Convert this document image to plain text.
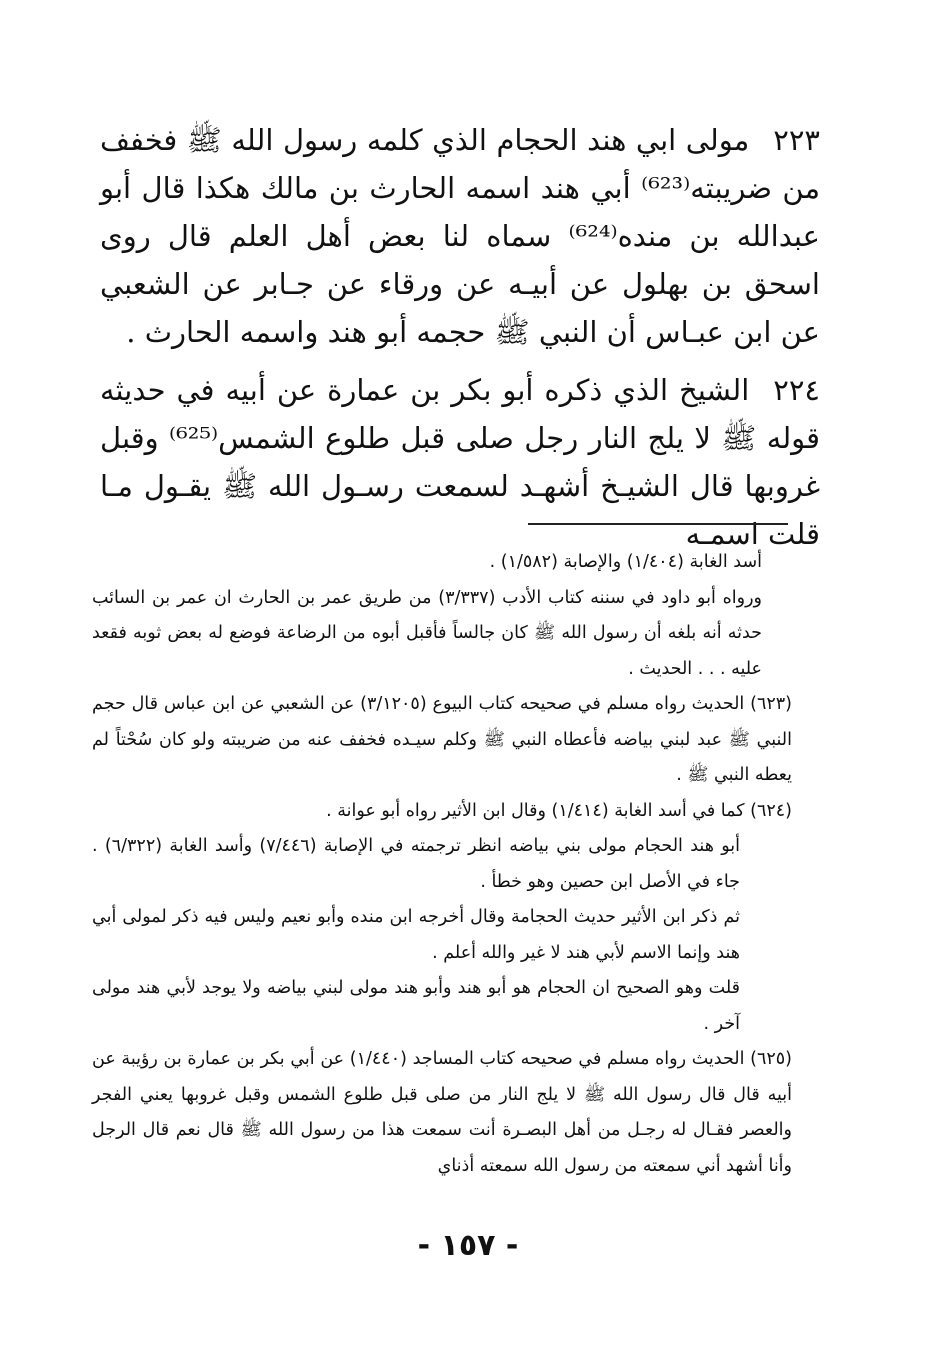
٢٢٣مولى ابي هند الحجام الذي كلمه رسول الله ﷺ فخفف من ضريبته⁽⁶²³⁾ أبي هند اسمه الحارث بن مالك هكذا قال أبو عبدالله بن منده⁽⁶²⁴⁾ سماه لنا بعض أهل العلم قال روى اسحق بن بهلول عن أبيـه عن ورقاء عن جـابر عن الشعبي عن ابن عبـاس أن النبي ﷺ حجمه أبو هند واسمه الحارث .

٢٢٤الشيخ الذي ذكره أبو بكر بن عمارة عن أبيه في حديثه قوله ﷺ لا يلج النار رجل صلى قبل طلوع الشمس⁽⁶²⁵⁾ وقبل غروبها قال الشيـخ أشهـد لسمعت رسـول الله ﷺ يقـول مـا قلت اسمـه

أسد الغابة (١/٤٠٤) والإصابة (١/٥٨٢) .

ورواه أبو داود في سننه كتاب الأدب (٣/٣٣٧) من طريق عمر بن الحارث ان عمر بن السائب حدثه أنه بلغه أن رسول الله ﷺ كان جالساً فأقبل أبوه من الرضاعة فوضع له بعض ثوبه فقعد عليه . . . الحديث .

(٦٢٣) الحديث رواه مسلم في صحيحه كتاب البيوع (٣/١٢٠٥) عن الشعبي عن ابن عباس قال حجم النبي ﷺ عبد لبني بياضه فأعطاه النبي ﷺ وكلم سيـده فخفف عنه من ضريبته ولو كان سُحْتاً لم يعطه النبي ﷺ .

(٦٢٤) كما في أسد الغابة (١/٤١٤) وقال ابن الأثير رواه أبو عوانة .

أبو هند الحجام مولى بني بياضه انظر ترجمته في الإصابة (٧/٤٤٦) وأسد الغابة (٦/٣٢٢) . جاء في الأصل ابن حصين وهو خطأ .

ثم ذكر ابن الأثير حديث الحجامة وقال أخرجه ابن منده وأبو نعيم وليس فيه ذكر لمولى أبي هند وإنما الاسم لأبي هند لا غير والله أعلم .

قلت وهو الصحيح ان الحجام هو أبو هند وأبو هند مولى لبني بياضه ولا يوجد لأبي هند مولى آخر .

(٦٢٥) الحديث رواه مسلم في صحيحه كتاب المساجد (١/٤٤٠) عن أبي بكر بن عمارة بن رؤيبة عن أبيه قال قال رسول الله ﷺ لا يلج النار من صلى قبل طلوع الشمس وقبل غروبها يعني الفجر والعصر فقـال له رجـل من أهل البصـرة أنت سمعت هذا من رسول الله ﷺ قال نعم قال الرجل وأنا أشهد أني سمعته من رسول الله سمعته أذناي

- ١٥٧ -
